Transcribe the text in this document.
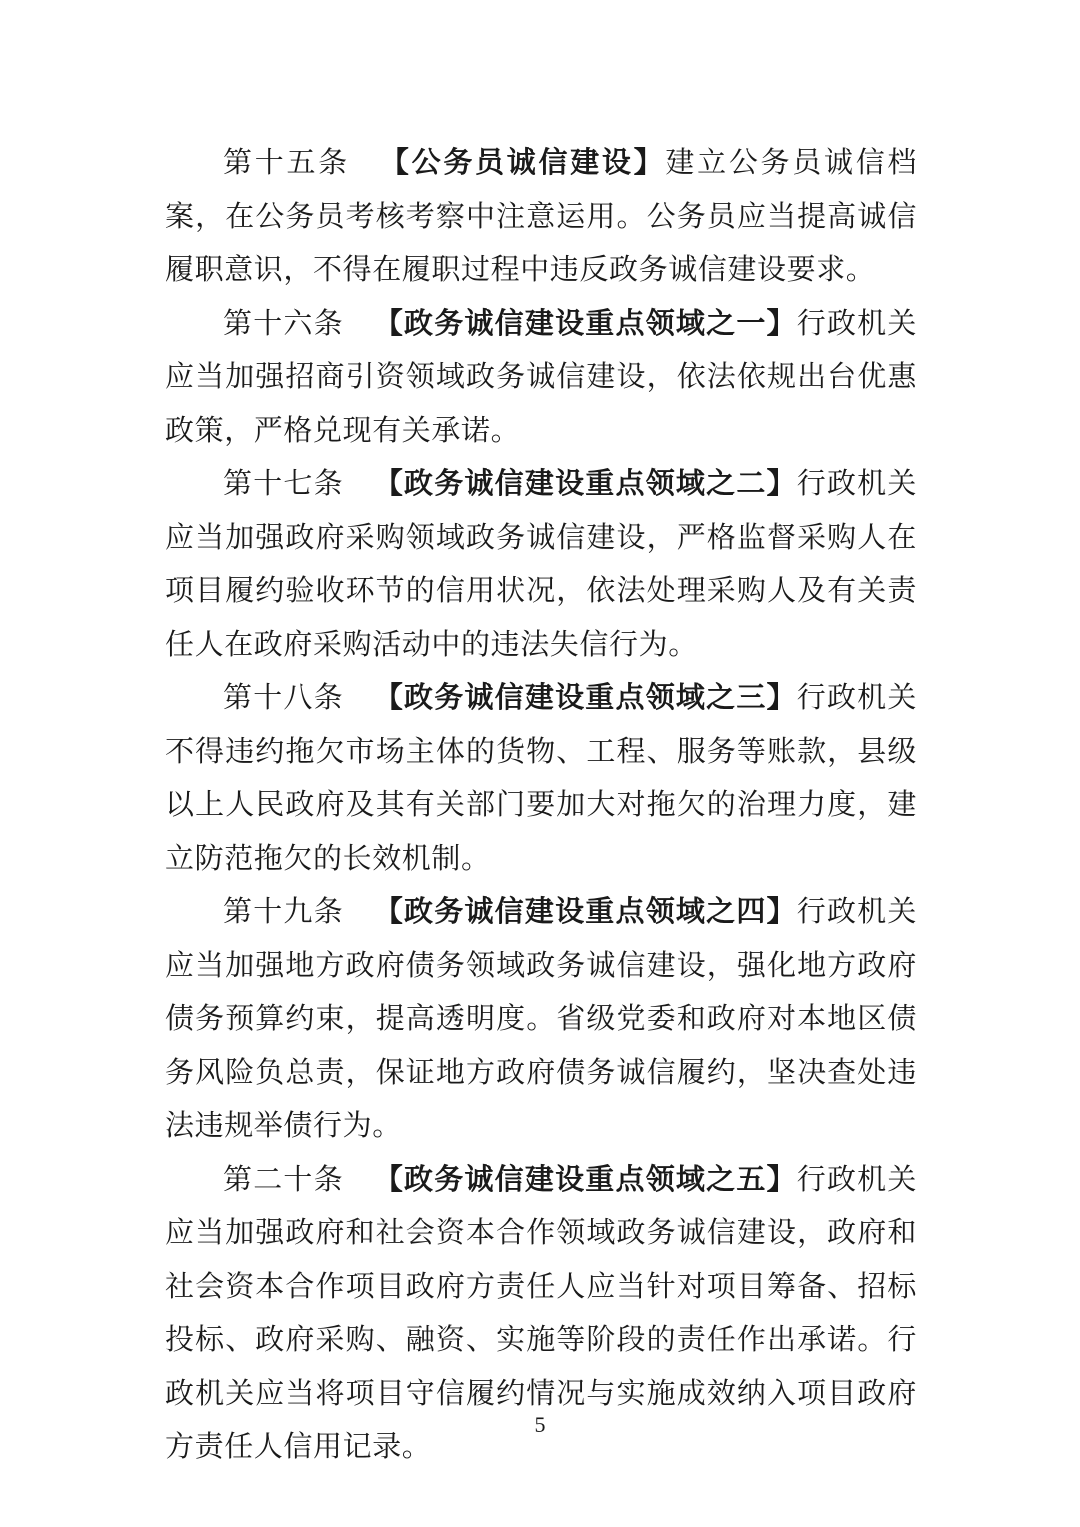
第十五条 【公务员诚信建设】建立公务员诚信档案，在公务员考核考察中注意运用。公务员应当提高诚信履职意识，不得在履职过程中违反政务诚信建设要求。

第十六条 【政务诚信建设重点领域之一】行政机关应当加强招商引资领域政务诚信建设，依法依规出台优惠政策，严格兑现有关承诺。

第十七条 【政务诚信建设重点领域之二】行政机关应当加强政府采购领域政务诚信建设，严格监督采购人在项目履约验收环节的信用状况，依法处理采购人及有关责任人在政府采购活动中的违法失信行为。

第十八条 【政务诚信建设重点领域之三】行政机关不得违约拖欠市场主体的货物、工程、服务等账款，县级以上人民政府及其有关部门要加大对拖欠的治理力度，建立防范拖欠的长效机制。

第十九条 【政务诚信建设重点领域之四】行政机关应当加强地方政府债务领域政务诚信建设，强化地方政府债务预算约束，提高透明度。省级党委和政府对本地区债务风险负总责，保证地方政府债务诚信履约，坚决查处违法违规举债行为。

第二十条 【政务诚信建设重点领域之五】行政机关应当加强政府和社会资本合作领域政务诚信建设，政府和社会资本合作项目政府方责任人应当针对项目筹备、招标投标、政府采购、融资、实施等阶段的责任作出承诺。行政机关应当将项目守信履约情况与实施成效纳入项目政府方责任人信用记录。

5
